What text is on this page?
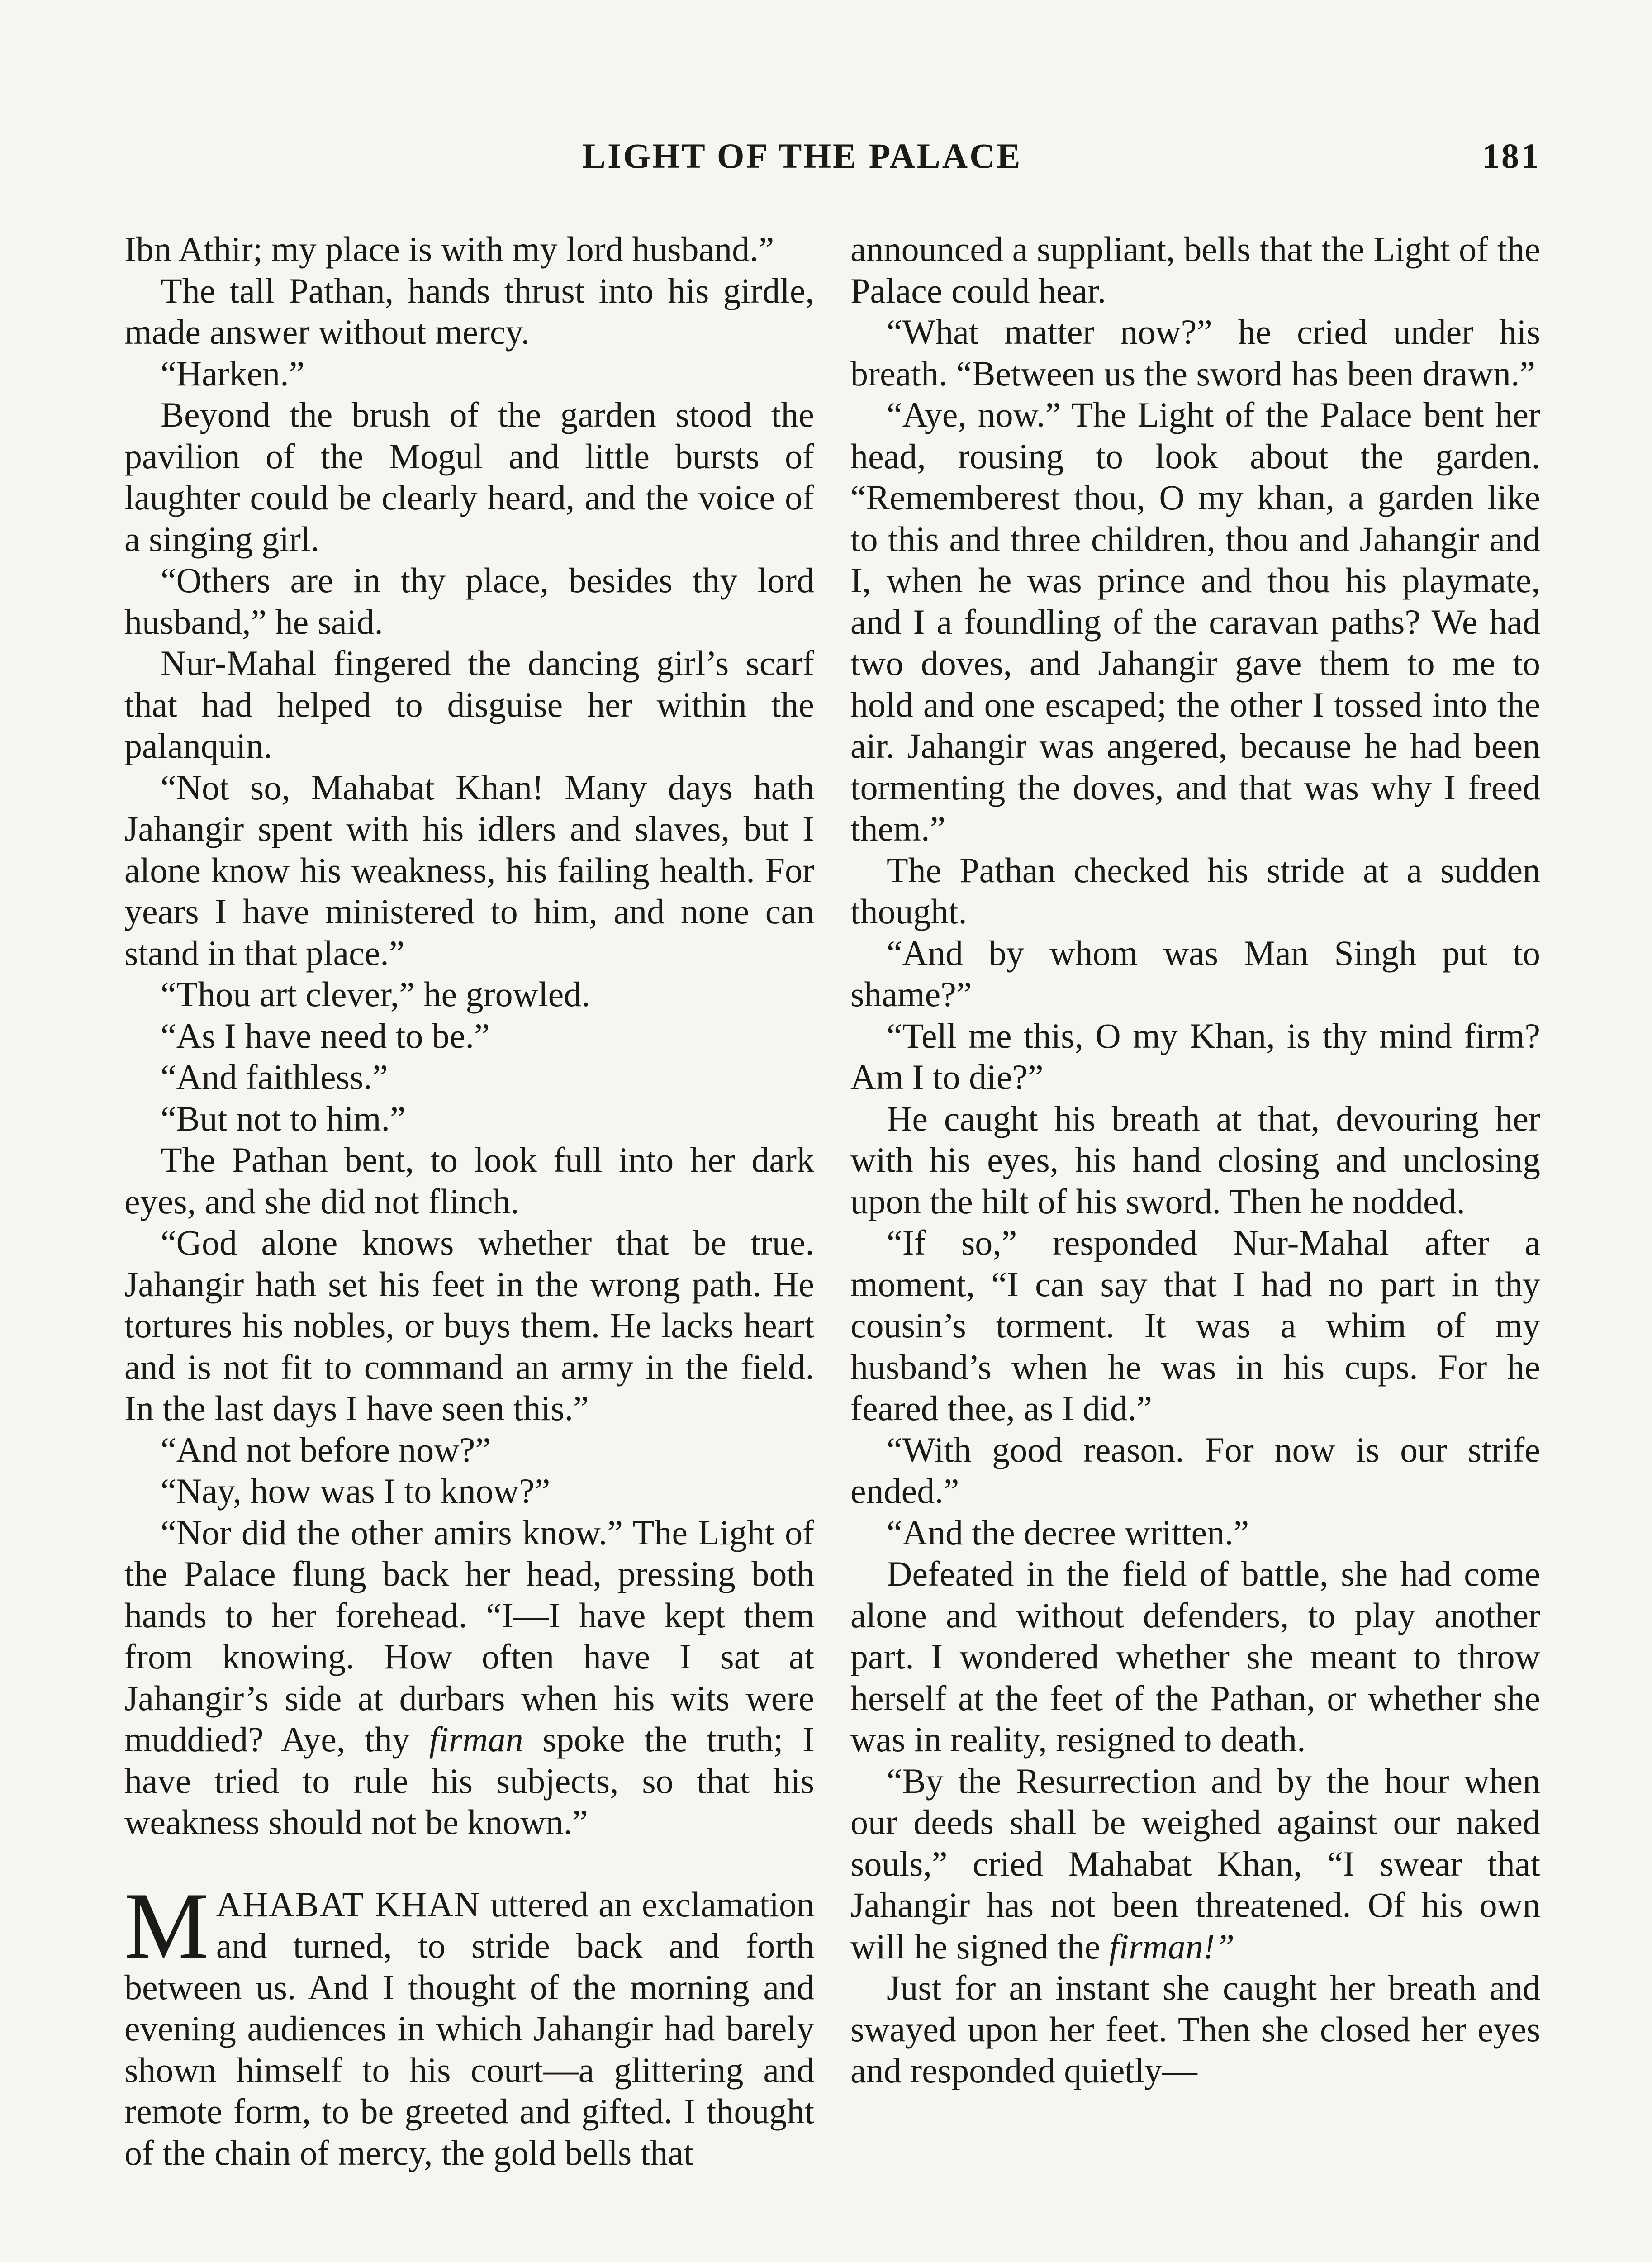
LIGHT OF THE PALACE	181

Ibn Athir; my place is with my lord husband.”

The tall Pathan, hands thrust into his girdle, made answer without mercy.

“Harken.”

Beyond the brush of the garden stood the pavilion of the Mogul and little bursts of laughter could be clearly heard, and the voice of a singing girl.

“Others are in thy place, besides thy lord husband,” he said.

Nur-Mahal fingered the dancing girl’s scarf that had helped to disguise her within the palanquin.

“Not so, Mahabat Khan! Many days hath Jahangir spent with his idlers and slaves, but I alone know his weakness, his failing health. For years I have ministered to him, and none can stand in that place.”

“Thou art clever,” he growled.

“As I have need to be.”

“And faithless.”

“But not to him.”

The Pathan bent, to look full into her dark eyes, and she did not flinch.

“God alone knows whether that be true. Jahangir hath set his feet in the wrong path. He tortures his nobles, or buys them. He lacks heart and is not fit to command an army in the field. In the last days I have seen this.”

“And not before now?”

“Nay, how was I to know?”

“Nor did the other amirs know.” The Light of the Palace flung back her head, pressing both hands to her forehead. “I—I have kept them from knowing. How often have I sat at Jahangir’s side at durbars when his wits were muddied? Aye, thy firman spoke the truth; I have tried to rule his subjects, so that his weakness should not be known.”

MAHABAT KHAN uttered an exclamation and turned, to stride back and forth between us. And I thought of the morning and evening audiences in which Jahangir had barely shown himself to his court—a glittering and remote form, to be greeted and gifted. I thought of the chain of mercy, the gold bells that

announced a suppliant, bells that the Light of the Palace could hear.

“What matter now?” he cried under his breath. “Between us the sword has been drawn.”

“Aye, now.” The Light of the Palace bent her head, rousing to look about the garden. “Rememberest thou, O my khan, a garden like to this and three children, thou and Jahangir and I, when he was prince and thou his playmate, and I a foundling of the caravan paths? We had two doves, and Jahangir gave them to me to hold and one escaped; the other I tossed into the air. Jahangir was angered, because he had been tormenting the doves, and that was why I freed them.”

The Pathan checked his stride at a sudden thought.

“And by whom was Man Singh put to shame?”

“Tell me this, O my Khan, is thy mind firm? Am I to die?”

He caught his breath at that, devouring her with his eyes, his hand closing and unclosing upon the hilt of his sword. Then he nodded.

“If so,” responded Nur-Mahal after a moment, “I can say that I had no part in thy cousin’s torment. It was a whim of my husband’s when he was in his cups. For he feared thee, as I did.”

“With good reason. For now is our strife ended.”

“And the decree written.”

Defeated in the field of battle, she had come alone and without defenders, to play another part. I wondered whether she meant to throw herself at the feet of the Pathan, or whether she was in reality, resigned to death.

“By the Resurrection and by the hour when our deeds shall be weighed against our naked souls,” cried Mahabat Khan, “I swear that Jahangir has not been threatened. Of his own will he signed the firman!”

Just for an instant she caught her breath and swayed upon her feet. Then she closed her eyes and responded quietly—
